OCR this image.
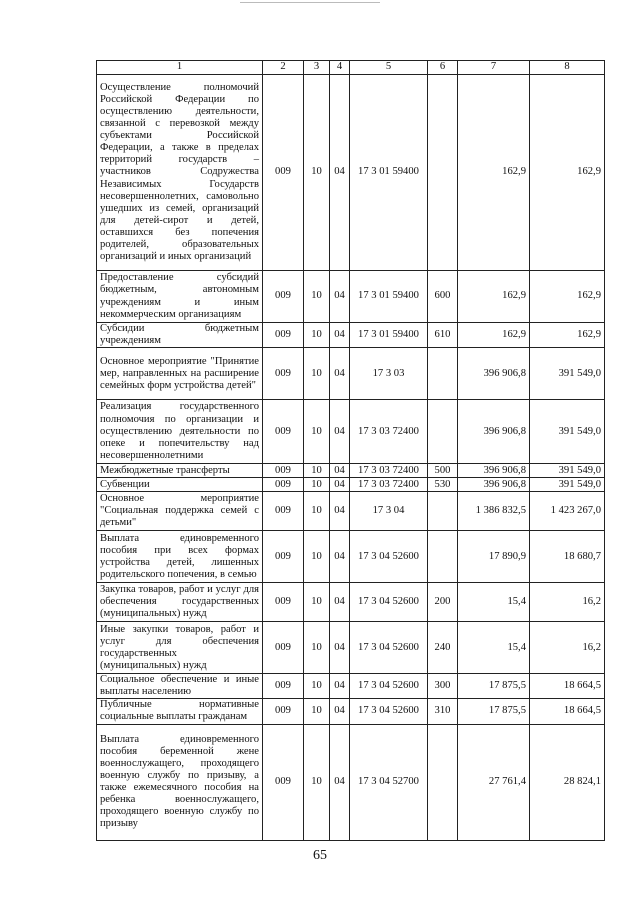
1	2	3	4	5	6	7	8
Осуществление полномочий Российской Федерации по осуществлению деятельности, связанной с перевозкой между субъектами Российской Федерации, а также в пределах территорий государств – участников Содружества Независимых Государств несовершеннолетних, самовольно ушедших из семей, организаций для детей-сирот и детей, оставшихся без попечения родителей, образовательных организаций и иных организаций	009	10	04	17 3 01 59400		162,9	162,9
Предоставление субсидий бюджетным, автономным учреждениям и иным некоммерческим организациям	009	10	04	17 3 01 59400	600	162,9	162,9
Субсидии бюджетным учреждениям	009	10	04	17 3 01 59400	610	162,9	162,9
Основное мероприятие "Принятие мер, направленных на расширение семейных форм устройства детей"	009	10	04	17 3 03		396 906,8	391 549,0
Реализация государственного полномочия по организации и осуществлению деятельности по опеке и попечительству над несовершеннолетними	009	10	04	17 3 03 72400		396 906,8	391 549,0
Межбюджетные трансферты	009	10	04	17 3 03 72400	500	396 906,8	391 549,0
Субвенции	009	10	04	17 3 03 72400	530	396 906,8	391 549,0
Основное мероприятие "Социальная поддержка семей с детьми"	009	10	04	17 3 04		1 386 832,5	1 423 267,0
Выплата единовременного пособия при всех формах устройства детей, лишенных родительского попечения, в семью	009	10	04	17 3 04 52600		17 890,9	18 680,7
Закупка товаров, работ и услуг для обеспечения государственных (муниципальных) нужд	009	10	04	17 3 04 52600	200	15,4	16,2
Иные закупки товаров, работ и услуг для обеспечения государственных (муниципальных) нужд	009	10	04	17 3 04 52600	240	15,4	16,2
Социальное обеспечение и иные выплаты населению	009	10	04	17 3 04 52600	300	17 875,5	18 664,5
Публичные нормативные социальные выплаты гражданам	009	10	04	17 3 04 52600	310	17 875,5	18 664,5
Выплата единовременного пособия беременной жене военнослужащего, проходящего военную службу по призыву, а также ежемесячного пособия на ребенка военнослужащего, проходящего военную службу по призыву	009	10	04	17 3 04 52700		27 761,4	28 824,1
65
